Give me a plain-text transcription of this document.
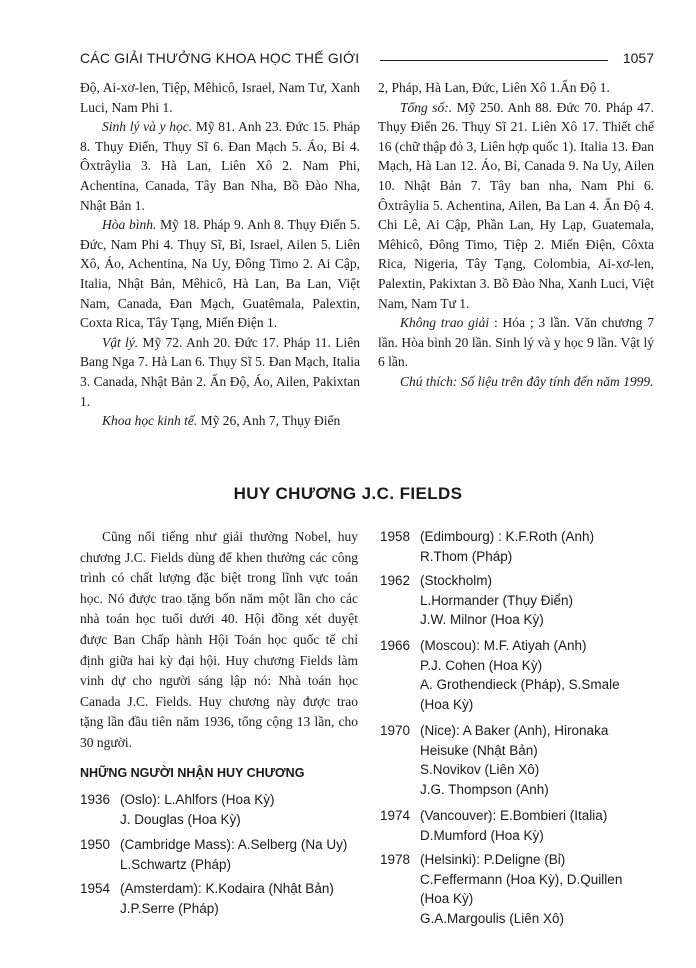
CÁC GIẢI THƯỞNG KHOA HỌC THẾ GIỚI	1057

Độ, Ai-xơ-len, Tiệp, Mêhicô, Israel, Nam Tư, Xanh Luci, Nam Phi 1.

Sinh lý và y học. Mỹ 81. Anh 23. Đức 15. Pháp 8. Thụy Điển, Thụy Sĩ 6. Đan Mạch 5. Áo, Bỉ 4. Ôxtrâylia 3. Hà Lan, Liên Xô 2. Nam Phi, Achentina, Canada, Tây Ban Nha, Bồ Đào Nha, Nhật Bản 1.

Hòa bình. Mỹ 18. Pháp 9. Anh 8. Thụy Điển 5. Đức, Nam Phi 4. Thụy Sĩ, Bỉ, Israel, Ailen 5. Liên Xô, Áo, Achentina, Na Uy, Đông Timo 2. Ai Cập, Italia, Nhật Bản, Mêhicô, Hà Lan, Ba Lan, Việt Nam, Canada, Đan Mạch, Guatêmala, Palextin, Coxta Rica, Tây Tạng, Miến Điện 1.

Vật lý. Mỹ 72. Anh 20. Đức 17. Pháp 11. Liên Bang Nga 7. Hà Lan 6. Thụy Sĩ 5. Đan Mạch, Italia 3. Canada, Nhật Bản 2. Ấn Độ, Áo, Ailen, Pakixtan 1.

Khoa học kinh tế. Mỹ 26, Anh 7, Thụy Điển

2, Pháp, Hà Lan, Đức, Liên Xô 1.Ấn Độ 1.

Tổng số:. Mỹ 250. Anh 88. Đức 70. Pháp 47. Thụy Điển 26. Thụy Sĩ 21. Liên Xô 17. Thiết chế 16 (chữ thập đỏ 3, Liên hợp quốc 1). Italia 13. Đan Mạch, Hà Lan 12. Áo, Bỉ, Canada 9. Na Uy, Ailen 10. Nhật Bản 7. Tây ban nha, Nam Phi 6. Ôxtrâylia 5. Achentina, Ailen, Ba Lan 4. Ấn Độ 4. Chi Lê, Ai Cập, Phần Lan, Hy Lạp, Guatemala, Mêhicô, Đông Timo, Tiệp 2. Miến Điện, Côxta Rica, Nigeria, Tây Tạng, Colombia, Ai-xơ-len, Palextin, Pakixtan 3. Bồ Đào Nha, Xanh Luci, Việt Nam, Nam Tư 1.

Không trao giải : Hóa ; 3 lần. Văn chương 7 lần. Hòa bình 20 lần. Sinh lý và y học 9 lần. Vật lý 6 lần.

Chú thích: Số liệu trên đây tính đến năm 1999.

HUY CHƯƠNG J.C. FIELDS

Cũng nổi tiếng như giải thưởng Nobel, huy chương J.C. Fields dùng để khen thưởng các công trình có chất lượng đặc biệt trong lĩnh vực toán học. Nó được trao tặng bốn năm một lần cho các nhà toán học tuổi dưới 40. Hội đồng xét duyệt được Ban Chấp hành Hội Toán học quốc tế chỉ định giữa hai kỳ đại hội. Huy chương Fields làm vinh dự cho người sáng lập nó: Nhà toán học Canada J.C. Fields. Huy chương này được trao tặng lần đầu tiên năm 1936, tổng cộng 13 lần, cho 30 người.

NHỮNG NGƯỜI NHẬN HUY CHƯƠNG
1936 (Oslo): L.Ahlfors (Hoa Kỳ)
J. Douglas (Hoa Kỳ)
1950 (Cambridge Mass): A.Selberg (Na Uy)
L.Schwartz (Pháp)
1954 (Amsterdam): K.Kodaira (Nhật Bản)
J.P.Serre (Pháp)
1958 (Edimbourg) : K.F.Roth (Anh)
R.Thom (Pháp)
1962 (Stockholm)
L.Hormander (Thụy Điển)
J.W. Milnor (Hoa Kỳ)
1966 (Moscou): M.F. Atiyah (Anh)
P.J. Cohen (Hoa Kỳ)
A. Grothendieck (Pháp), S.Smale
(Hoa Kỳ)
1970 (Nice): A Baker (Anh), Hironaka
Heisuke (Nhật Bản)
S.Novikov (Liên Xô)
J.G. Thompson (Anh)
1974 (Vancouver): E.Bombieri (Italia)
D.Mumford (Hoa Kỳ)
1978 (Helsinki): P.Deligne (Bỉ)
C.Feffermann (Hoa Kỳ), D.Quillen
(Hoa Kỳ)
G.A.Margoulis (Liên Xô)
